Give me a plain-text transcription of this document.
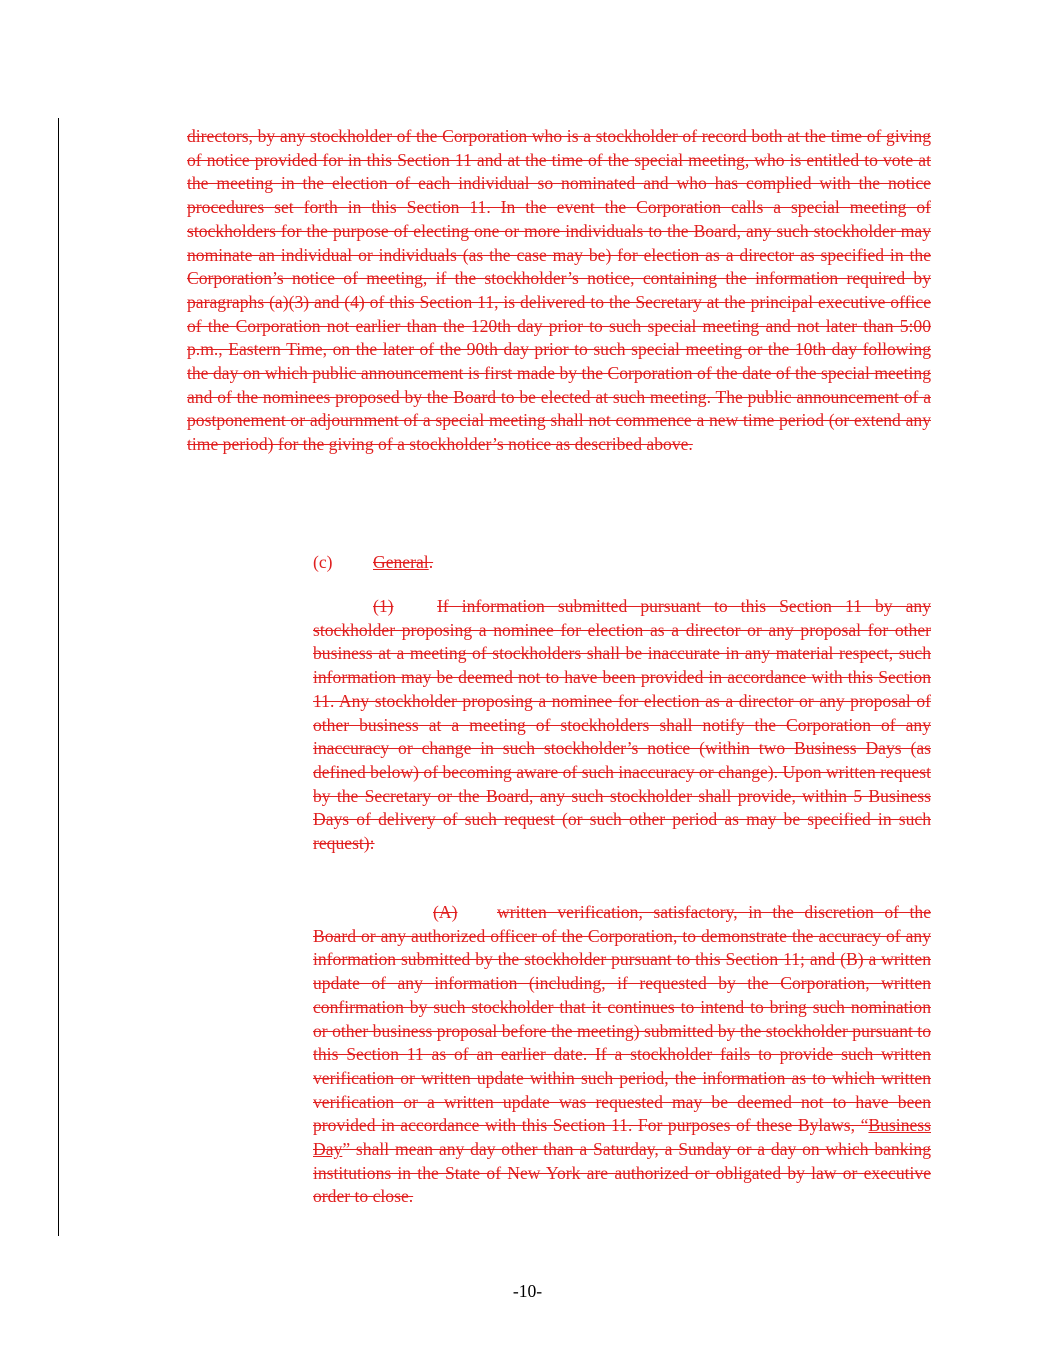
directors, by any stockholder of the Corporation who is a stockholder of record both at the time of giving of notice provided for in this Section 11 and at the time of the special meeting, who is entitled to vote at the meeting in the election of each individual so nominated and who has complied with the notice procedures set forth in this Section 11. In the event the Corporation calls a special meeting of stockholders for the purpose of electing one or more individuals to the Board, any such stockholder may nominate an individual or individuals (as the case may be) for election as a director as specified in the Corporation’s notice of meeting, if the stockholder’s notice, containing the information required by paragraphs (a)(3) and (4) of this Section 11, is delivered to the Secretary at the principal executive office of the Corporation not earlier than the 120th day prior to such special meeting and not later than 5:00 p.m., Eastern Time, on the later of the 90th day prior to such special meeting or the 10th day following the day on which public announcement is first made by the Corporation of the date of the special meeting and of the nominees proposed by the Board to be elected at such meeting. The public announcement of a postponement or adjournment of a special meeting shall not commence a new time period (or extend any time period) for the giving of a stockholder’s notice as described above.

(c) General.

(1) If information submitted pursuant to this Section 11 by any stockholder proposing a nominee for election as a director or any proposal for other business at a meeting of stockholders shall be inaccurate in any material respect, such information may be deemed not to have been provided in accordance with this Section 11. Any stockholder proposing a nominee for election as a director or any proposal of other business at a meeting of stockholders shall notify the Corporation of any inaccuracy or change in such stockholder’s notice (within two Business Days (as defined below) of becoming aware of such inaccuracy or change). Upon written request by the Secretary or the Board, any such stockholder shall provide, within 5 Business Days of delivery of such request (or such other period as may be specified in such request):

(A) written verification, satisfactory, in the discretion of the Board or any authorized officer of the Corporation, to demonstrate the accuracy of any information submitted by the stockholder pursuant to this Section 11; and (B) a written update of any information (including, if requested by the Corporation, written confirmation by such stockholder that it continues to intend to bring such nomination or other business proposal before the meeting) submitted by the stockholder pursuant to this Section 11 as of an earlier date. If a stockholder fails to provide such written verification or written update within such period, the information as to which written verification or a written update was requested may be deemed not to have been provided in accordance with this Section 11. For purposes of these Bylaws, “Business Day” shall mean any day other than a Saturday, a Sunday or a day on which banking institutions in the State of New York are authorized or obligated by law or executive order to close.

-10-
